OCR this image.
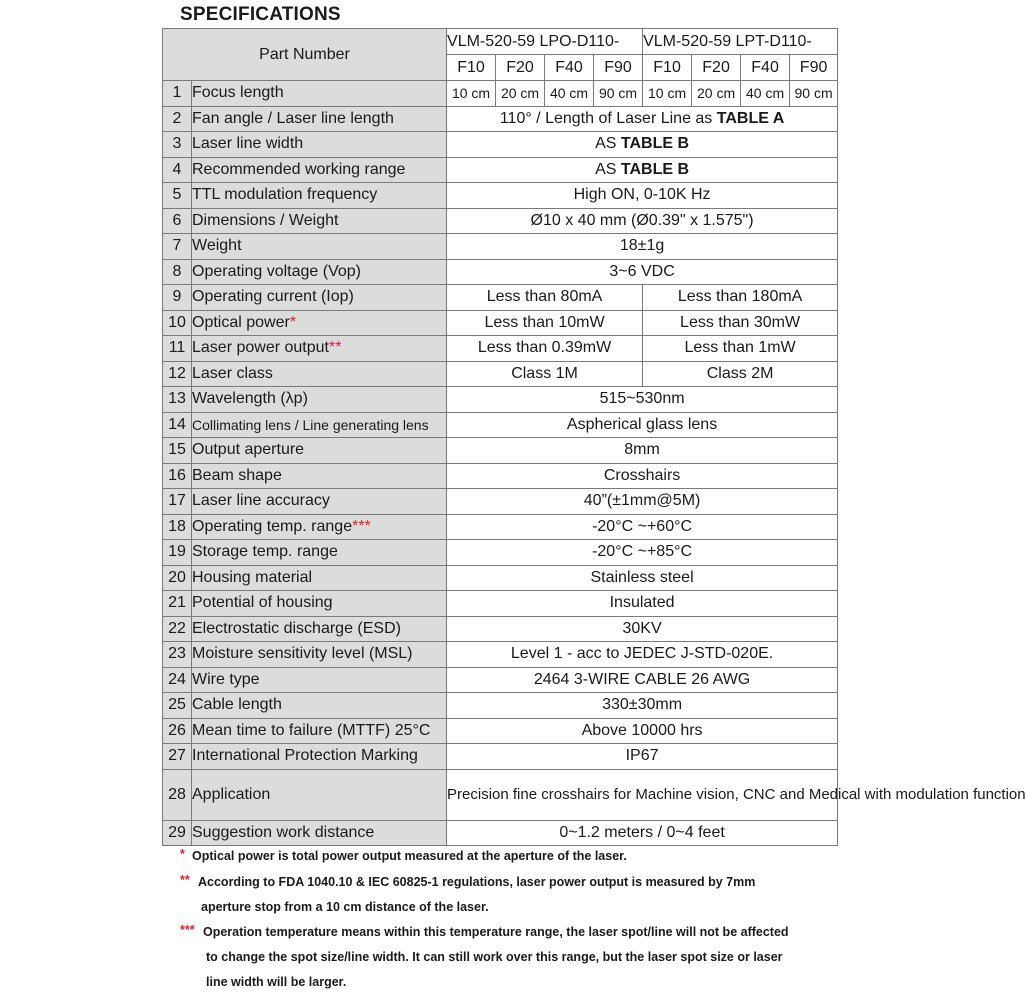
SPECIFICATIONS
Part Number		VLM-520-59 LPO-D110-				VLM-520-59 LPT-D110-			
		F10	F20	F40	F90	F10	F20	F40	F90
1	Focus length	10 cm	20 cm	40 cm	90 cm	10 cm	20 cm	40 cm	90 cm
2	Fan angle / Laser line length	110° / Length of Laser Line as TABLE A							
3	Laser line width	AS TABLE B							
4	Recommended working range	AS TABLE B							
5	TTL modulation frequency	High ON, 0-10K Hz							
6	Dimensions / Weight	Ø10 x 40 mm (Ø0.39" x 1.575")							
7	Weight	18±1g							
8	Operating voltage (Vop)	3~6 VDC							
9	Operating current (Iop)	Less than 80mA				Less than 180mA			
10	Optical power*	Less than 10mW				Less than 30mW			
11	Laser power output**	Less than 0.39mW				Less than 1mW			
12	Laser class	Class 1M				Class 2M			
13	Wavelength (λp)	515~530nm							
14	Collimating lens / Line generating lens	Aspherical glass lens							
15	Output aperture	8mm							
16	Beam shape	Crosshairs							
17	Laser line accuracy	40”(±1mm@5M)							
18	Operating temp. range***	-20°C ~+60°C							
19	Storage temp. range	-20°C ~+85°C							
20	Housing material	Stainless steel							
21	Potential of housing	Insulated							
22	Electrostatic discharge (ESD)	30KV							
23	Moisture sensitivity level (MSL)	Level 1 - acc to JEDEC J-STD-020E.							
24	Wire type	2464 3-WIRE CABLE 26 AWG							
25	Cable length	330±30mm							
26	Mean time to failure (MTTF) 25°C	Above 10000 hrs							
27	International Protection Marking	IP67							
28	Application	Precision fine crosshairs for Machine vision, CNC and Medical with modulation function							
29	Suggestion work distance	0~1.2 meters / 0~4 feet							
* Optical power is total power output measured at the aperture of the laser.
** According to FDA 1040.10 & IEC 60825-1 regulations, laser power output is measured by 7mm
aperture stop from a 10 cm distance of the laser.
*** Operation temperature means within this temperature range, the laser spot/line will not be affected
to change the spot size/line width. It can still work over this range, but the laser spot size or laser
line width will be larger.
